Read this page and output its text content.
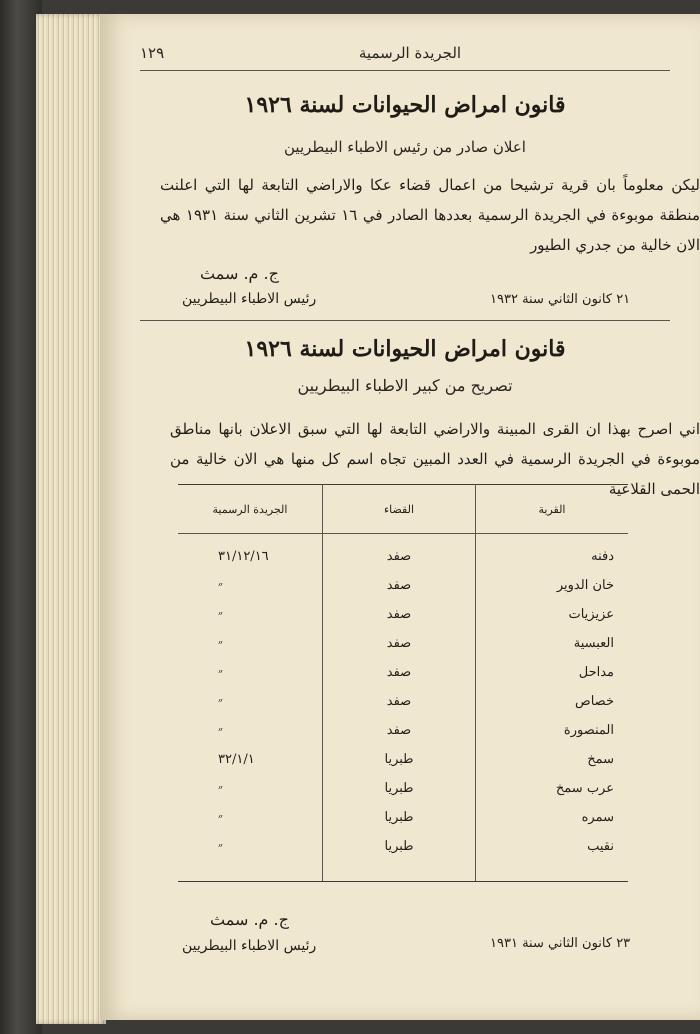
١٢٩	الجريدة الرسمية
قانون امراض الحيوانات لسنة ١٩٢٦
اعلان صادر من رئيس الاطباء البيطريين
ليكن معلوماً بان قرية ترشيحا من اعمال قضاء عكا والاراضي التابعة لها التي اعلنت منطقة موبوءة في الجريدة الرسمية بعددها الصادر في ١٦ تشرين الثاني سنة ١٩٣١ هي الان خالية من جدري الطيور
ج. م. سمث
رئيس الاطباء البيطريين	٢١ كانون الثاني سنة ١٩٣٢
قانون امراض الحيوانات لسنة ١٩٢٦
تصريح من كبير الاطباء البيطريين
اني اصرح بهذا ان القرى المبينة والاراضي التابعة لها التي سبق الاعلان بانها مناطق موبوءة في الجريدة الرسمية في العدد المبين تجاه اسم كل منها هي الان خالية من الحمى القلاعية
القرية	القضاء	الجريدة الرسمية
دفنه	صفد	٣١/١٢/١٦
خان الدوير	صفد	״
عزيزيات	صفد	״
العبسية	صفد	״
مداحل	صفد	״
خصاص	صفد	״
المنصورة	صفد	״
سمخ	طبريا	٣٢/١/١
عرب سمخ	طبريا	״
سمره	طبريا	״
نقيب	طبريا	״

ج. م. سمث
رئيس الاطباء البيطريين	٢٣ كانون الثاني سنة ١٩٣١
